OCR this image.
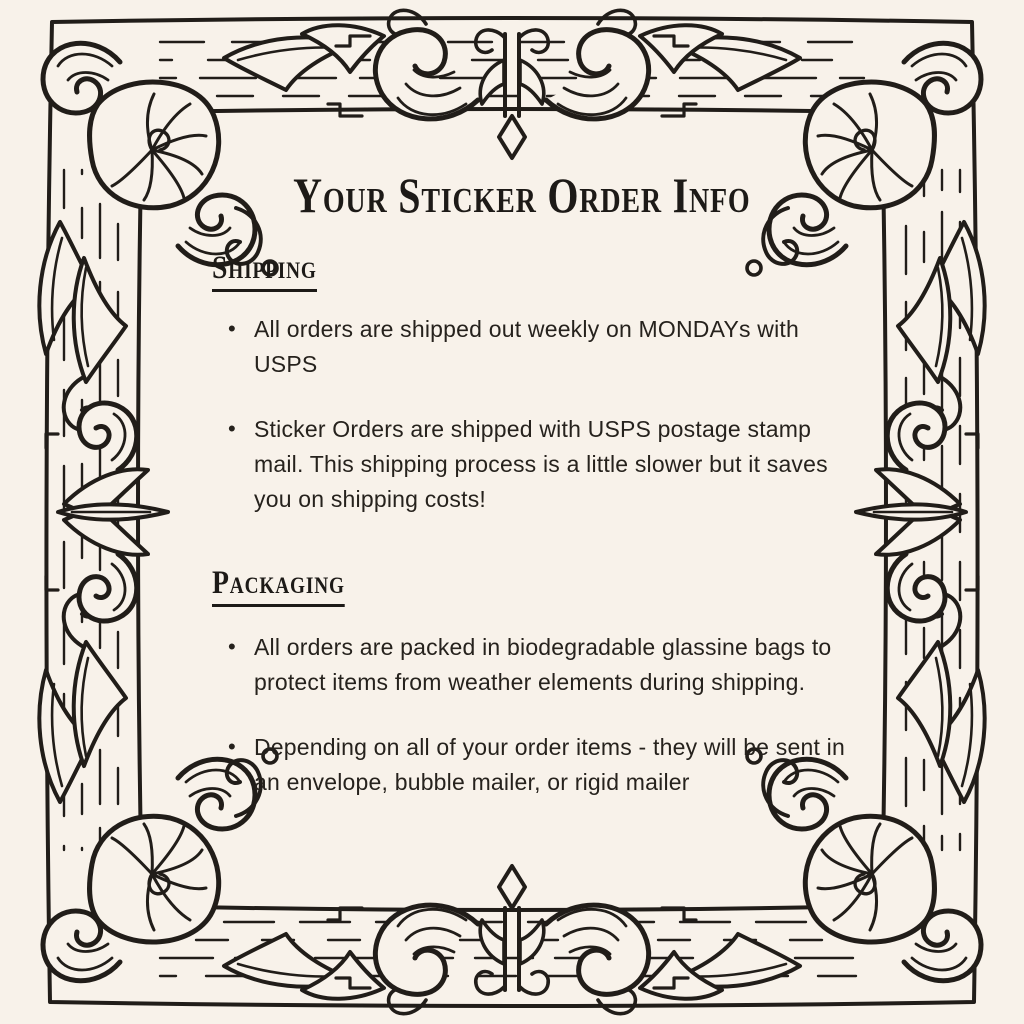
Your Sticker Order Info
Shipping
• All orders are shipped out weekly on MONDAYs with USPS
• Sticker Orders are shipped with USPS postage stamp mail. This shipping process is a little slower but it saves you on shipping costs!
Packaging
• All orders are packed in biodegradable glassine bags to protect items from weather elements during shipping.
• Depending on all of your order items - they will be sent in an envelope, bubble mailer, or rigid mailer
